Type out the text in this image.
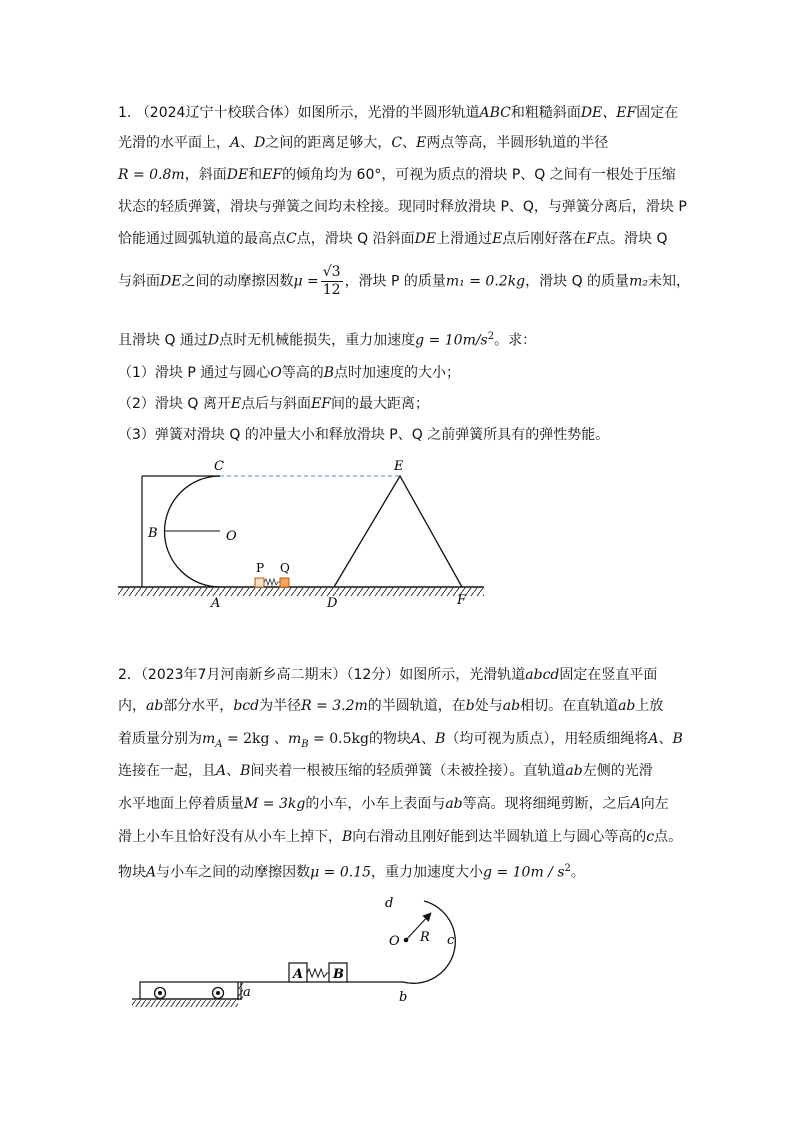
1. （2024辽宁十校联合体）如图所示，光滑的半圆形轨道ABC和粗糙斜面DE、EF固定在
光滑的水平面上，A、D之间的距离足够大，C、E两点等高，半圆形轨道的半径
R = 0.8m，斜面DE和EF的倾角均为 60°，可视为质点的滑块 P、Q 之间有一根处于压缩
状态的轻质弹簧，滑块与弹簧之间均未栓接。现同时释放滑块 P、Q，与弹簧分离后，滑块 P
恰能通过圆弧轨道的最高点C点，滑块 Q 沿斜面DE上滑通过E点后刚好落在F点。滑块 Q
与斜面DE之间的动摩擦因数$\mu = \frac{√3}{12}$ ，滑块 P 的质量m₁ = 0.2kg，滑块 Q 的质量m₂未知，
且滑块 Q 通过D点时无机械能损失，重力加速度$g = 10m/s^2$。求：
（1）滑块 P 通过与圆心O等高的B点时加速度的大小；
（2）滑块 Q 离开E点后与斜面EF间的最大距离；
（3）弹簧对滑块 Q 的冲量大小和释放滑块 P、Q 之前弹簧所具有的弹性势能。
C	E
B	O
P Q
A	D	F
2．（2023年7月河南新乡高二期末）（12分）如图所示，光滑轨道abcd固定在竖直平面
内，ab部分水平，bcd为半径R = 3.2m的半圆轨道，在b处与ab相切。在直轨道ab上放
着质量分别为$m_A = 2kg$ 、$m_B = 0.5kg$的物块A、B（均可视为质点），用轻质细绳将A、B
连接在一起，且A、B间夹着一根被压缩的轻质弹簧（未被拴接）。直轨道ab左侧的光滑
水平地面上停着质量M = 3kg的小车，小车上表面与ab等高。现将细绳剪断，之后A向左
滑上小车且恰好没有从小车上掉下，B向右滑动且刚好能到达半圆轨道上与圆心等高的c点。
物块A与小车之间的动摩擦因数μ = 0.15，重力加速度大小$g = 10m / s^2$。
d
O R c
A B
a	b
